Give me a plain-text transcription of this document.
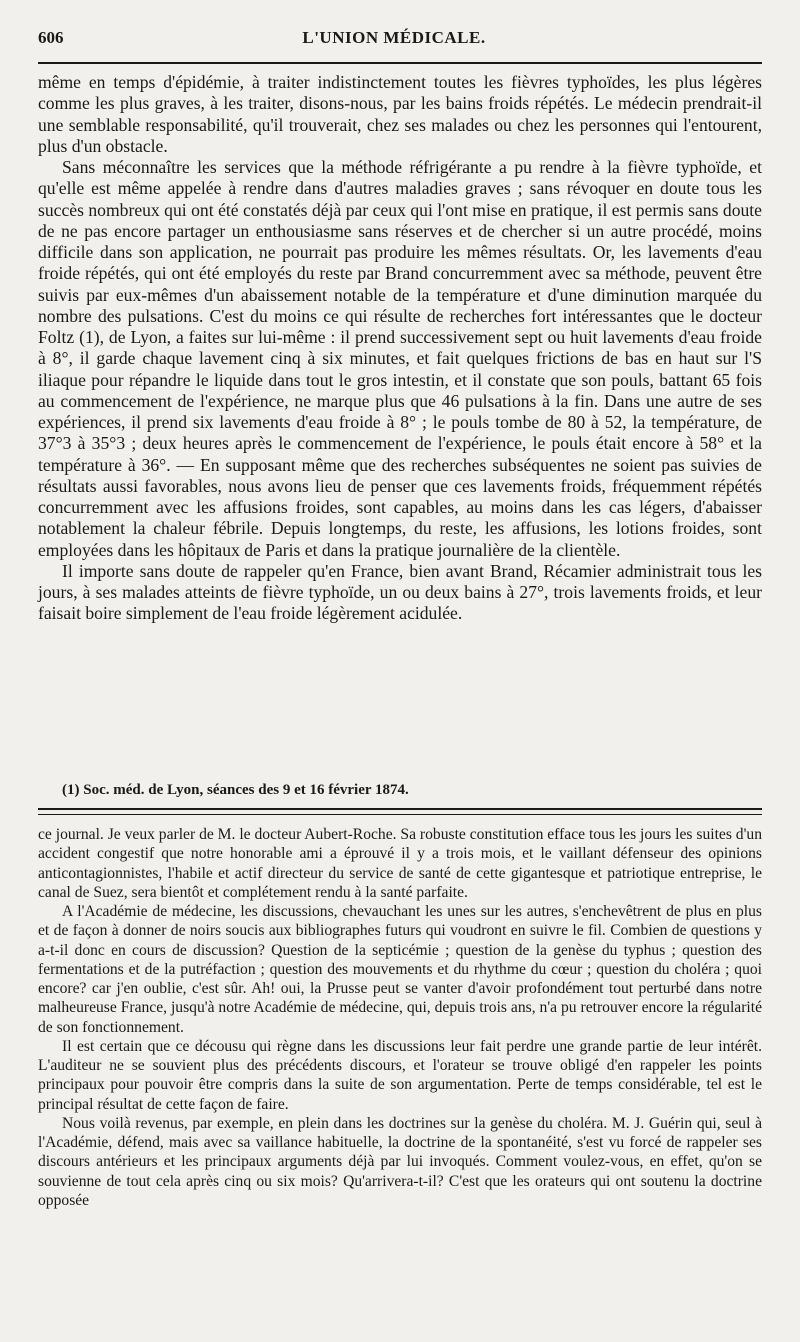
606	L'UNION MÉDICALE.

même en temps d'épidémie, à traiter indistinctement toutes les fièvres typhoïdes, les plus légères comme les plus graves, à les traiter, disons-nous, par les bains froids répétés. Le médecin prendrait-il une semblable responsabilité, qu'il trouverait, chez ses malades ou chez les personnes qui l'entourent, plus d'un obstacle.

Sans méconnaître les services que la méthode réfrigérante a pu rendre à la fièvre typhoïde, et qu'elle est même appelée à rendre dans d'autres maladies graves ; sans révoquer en doute tous les succès nombreux qui ont été constatés déjà par ceux qui l'ont mise en pratique, il est permis sans doute de ne pas encore partager un enthousiasme sans réserves et de chercher si un autre procédé, moins difficile dans son application, ne pourrait pas produire les mêmes résultats. Or, les lavements d'eau froide répétés, qui ont été employés du reste par Brand concurremment avec sa méthode, peuvent être suivis par eux-mêmes d'un abaissement notable de la température et d'une diminution marquée du nombre des pulsations. C'est du moins ce qui résulte de recherches fort intéressantes que le docteur Foltz (1), de Lyon, a faites sur lui-même : il prend successivement sept ou huit lavements d'eau froide à 8°, il garde chaque lavement cinq à six minutes, et fait quelques frictions de bas en haut sur l'S iliaque pour répandre le liquide dans tout le gros intestin, et il constate que son pouls, battant 65 fois au commencement de l'expérience, ne marque plus que 46 pulsations à la fin. Dans une autre de ses expériences, il prend six lavements d'eau froide à 8° ; le pouls tombe de 80 à 52, la température, de 37°3 à 35°3 ; deux heures après le commencement de l'expérience, le pouls était encore à 58° et la température à 36°. — En supposant même que des recherches subséquentes ne soient pas suivies de résultats aussi favorables, nous avons lieu de penser que ces lavements froids, fréquemment répétés concurremment avec les affusions froides, sont capables, au moins dans les cas légers, d'abaisser notablement la chaleur fébrile. Depuis longtemps, du reste, les affusions, les lotions froides, sont employées dans les hôpitaux de Paris et dans la pratique journalière de la clientèle.

Il importe sans doute de rappeler qu'en France, bien avant Brand, Récamier administrait tous les jours, à ses malades atteints de fièvre typhoïde, un ou deux bains à 27°, trois lavements froids, et leur faisait boire simplement de l'eau froide légèrement acidulée.

(1) Soc. méd. de Lyon, séances des 9 et 16 février 1874.

ce journal. Je veux parler de M. le docteur Aubert-Roche. Sa robuste constitution efface tous les jours les suites d'un accident congestif que notre honorable ami a éprouvé il y a trois mois, et le vaillant défenseur des opinions anticontagionnistes, l'habile et actif directeur du service de santé de cette gigantesque et patriotique entreprise, le canal de Suez, sera bientôt et complétement rendu à la santé parfaite.

A l'Académie de médecine, les discussions, chevauchant les unes sur les autres, s'enchevêtrent de plus en plus et de façon à donner de noirs soucis aux bibliographes futurs qui voudront en suivre le fil. Combien de questions y a-t-il donc en cours de discussion? Question de la septicémie ; question de la genèse du typhus ; question des fermentations et de la putréfaction ; question des mouvements et du rhythme du cœur ; question du choléra ; quoi encore? car j'en oublie, c'est sûr. Ah! oui, la Prusse peut se vanter d'avoir profondément tout perturbé dans notre malheureuse France, jusqu'à notre Académie de médecine, qui, depuis trois ans, n'a pu retrouver encore la régularité de son fonctionnement.

Il est certain que ce décousu qui règne dans les discussions leur fait perdre une grande partie de leur intérêt. L'auditeur ne se souvient plus des précédents discours, et l'orateur se trouve obligé d'en rappeler les points principaux pour pouvoir être compris dans la suite de son argumentation. Perte de temps considérable, tel est le principal résultat de cette façon de faire.

Nous voilà revenus, par exemple, en plein dans les doctrines sur la genèse du choléra. M. J. Guérin qui, seul à l'Académie, défend, mais avec sa vaillance habituelle, la doctrine de la spontanéité, s'est vu forcé de rappeler ses discours antérieurs et les principaux arguments déjà par lui invoqués. Comment voulez-vous, en effet, qu'on se souvienne de tout cela après cinq ou six mois? Qu'arrivera-t-il? C'est que les orateurs qui ont soutenu la doctrine opposée
